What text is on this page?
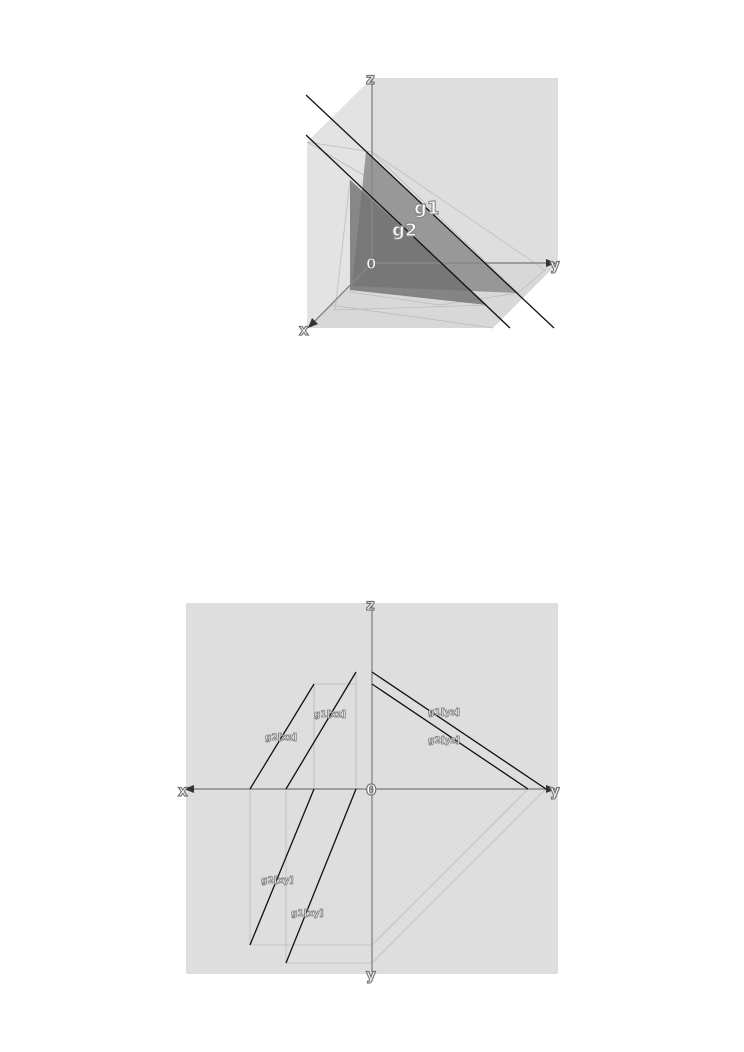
z
y
x
0
g1
g2
z
y
y
x	0
g1[yz]
g2[yz]
g1[xz]
g2[xz]
g2[xy]
g1[xy]
